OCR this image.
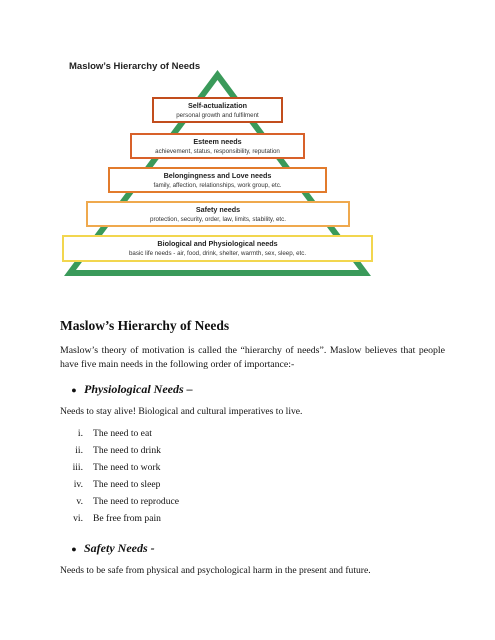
Maslow’s Hierarchy of Needs
Self-actualization
personal growth and fulfilment
Esteem needs
achievement, status, responsibility, reputation
Belongingness and Love needs
family, affection, relationships, work group, etc.
Safety needs
protection, security, order, law, limits, stability, etc.
Biological and Physiological needs
basic life needs - air, food, drink, shelter, warmth, sex, sleep, etc.
Maslow’s Hierarchy of Needs

Maslow’s theory of motivation is called the “hierarchy of needs”. Maslow believes that people have five main needs in the following order of importance:-

● Physiological Needs –

Needs to stay alive! Biological and cultural imperatives to live.

i.	The need to eat
ii.	The need to drink
iii.	The need to work
iv.	The need to sleep
v.	The need to reproduce
vi.	Be free from pain
● Safety Needs -

Needs to be safe from physical and psychological harm in the present and future.
